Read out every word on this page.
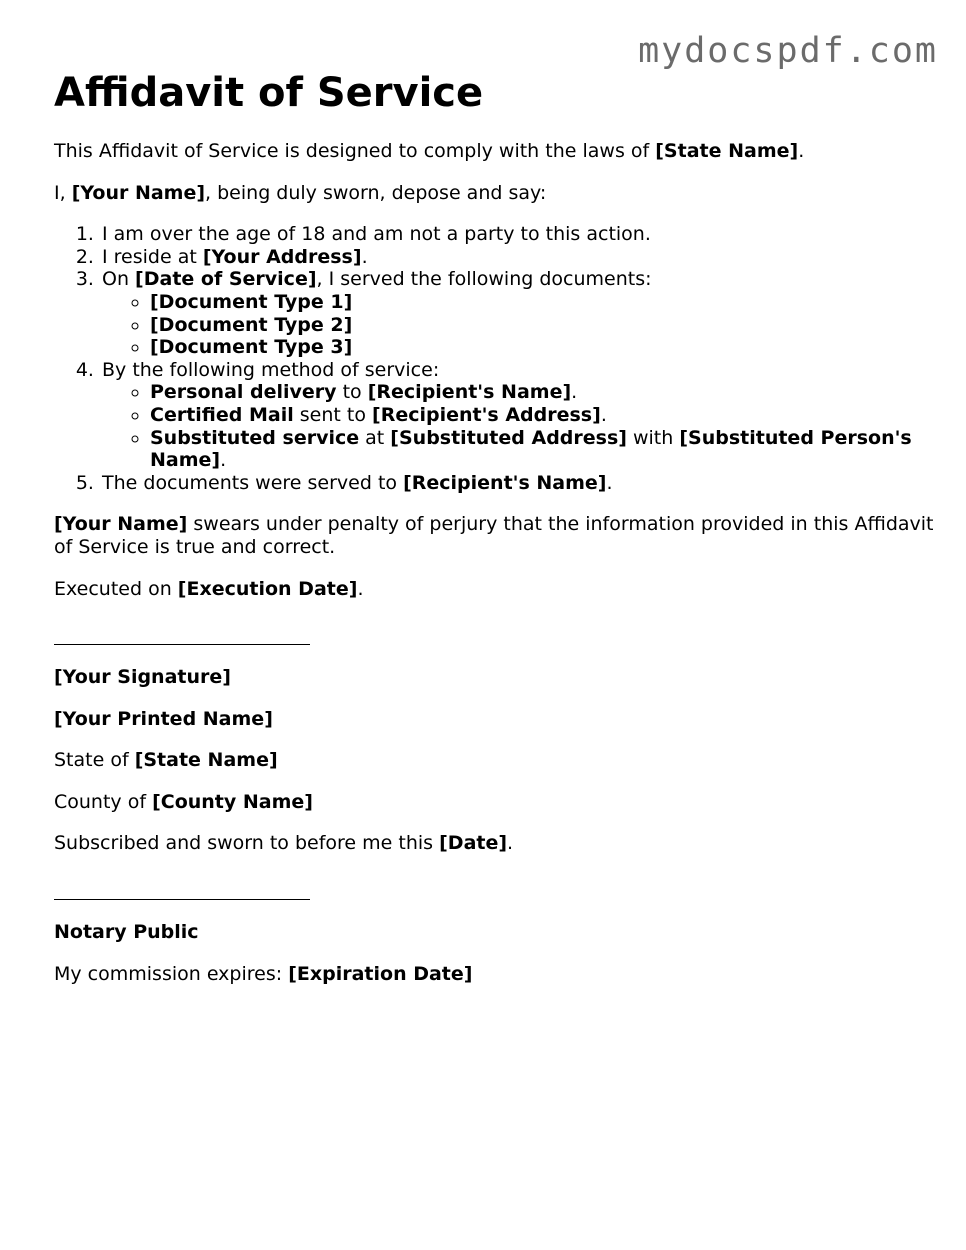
mydocspdf.com
Affidavit of Service

This Affidavit of Service is designed to comply with the laws of [State Name].

I, [Your Name], being duly sworn, depose and say:

1. I am over the age of 18 and am not a party to this action.
2. I reside at [Your Address].
3. On [Date of Service], I served the following documents:
◦ [Document Type 1]
◦ [Document Type 2]
◦ [Document Type 3]
4. By the following method of service:
◦ Personal delivery to [Recipient's Name].
◦ Certified Mail sent to [Recipient's Address].
◦ Substituted service at [Substituted Address] with [Substituted Person's Name].
5. The documents were served to [Recipient's Name].

[Your Name] swears under penalty of perjury that the information provided in this Affidavit of Service is true and correct.

Executed on [Execution Date].

[Your Signature]

[Your Printed Name]

State of [State Name]

County of [County Name]

Subscribed and sworn to before me this [Date].

Notary Public

My commission expires: [Expiration Date]
